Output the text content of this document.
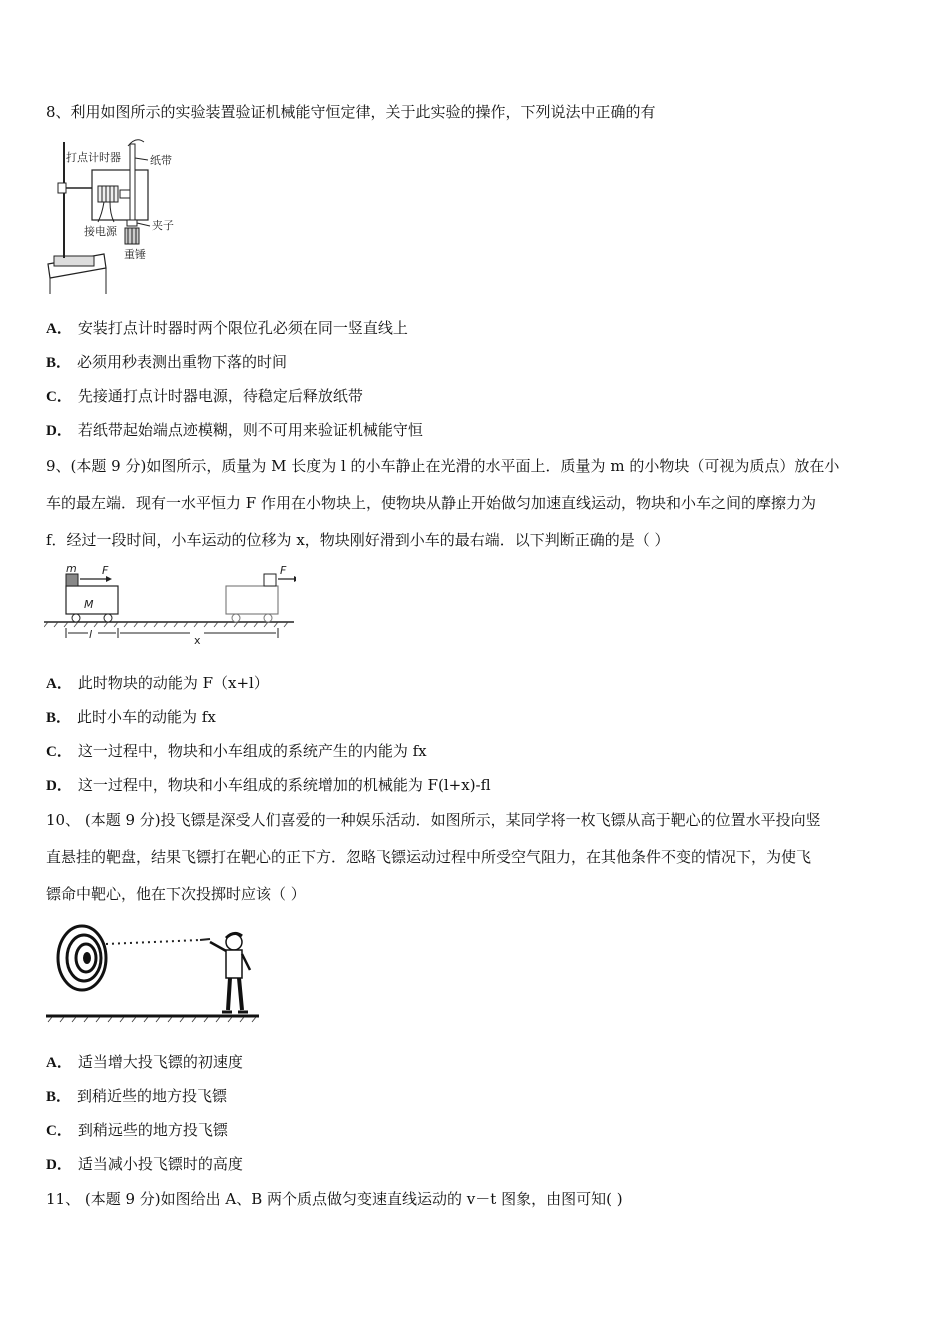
8、利用如图所示的实验装置验证机械能守恒定律，关于此实验的操作，下列说法中正确的有
打点计时器	纸带
夹子
接电源
重锤
A． 安装打点计时器时两个限位孔必须在同一竖直线上
B． 必须用秒表测出重物下落的时间
C． 先接通打点计时器电源，待稳定后释放纸带
D． 若纸带起始端点迹模糊，则不可用来验证机械能守恒
9、(本题 9 分)如图所示，质量为 M 长度为 l 的小车静止在光滑的水平面上．质量为 m 的小物块（可视为质点）放在小
车的最左端．现有一水平恒力 F 作用在小物块上，使物块从静止开始做匀加速直线运动，物块和小车之间的摩擦力为
f．经过一段时间，小车运动的位移为 x，物块刚好滑到小车的最右端．以下判断正确的是（ ）
m F
M
F
l	x
A． 此时物块的动能为 F（x+l）
B． 此时小车的动能为 fx
C． 这一过程中，物块和小车组成的系统产生的内能为 fx
D． 这一过程中，物块和小车组成的系统增加的机械能为 F(l+x)-fl
10、 (本题 9 分)投飞镖是深受人们喜爱的一种娱乐活动．如图所示，某同学将一枚飞镖从高于靶心的位置水平投向竖
直悬挂的靶盘，结果飞镖打在靶心的正下方．忽略飞镖运动过程中所受空气阻力，在其他条件不变的情况下，为使飞
镖命中靶心，他在下次投掷时应该（ ）
A． 适当增大投飞镖的初速度
B． 到稍近些的地方投飞镖
C． 到稍远些的地方投飞镖
D． 适当减小投飞镖时的高度
11、 (本题 9 分)如图给出 A、B 两个质点做匀变速直线运动的 v－t 图象，由图可知( )
